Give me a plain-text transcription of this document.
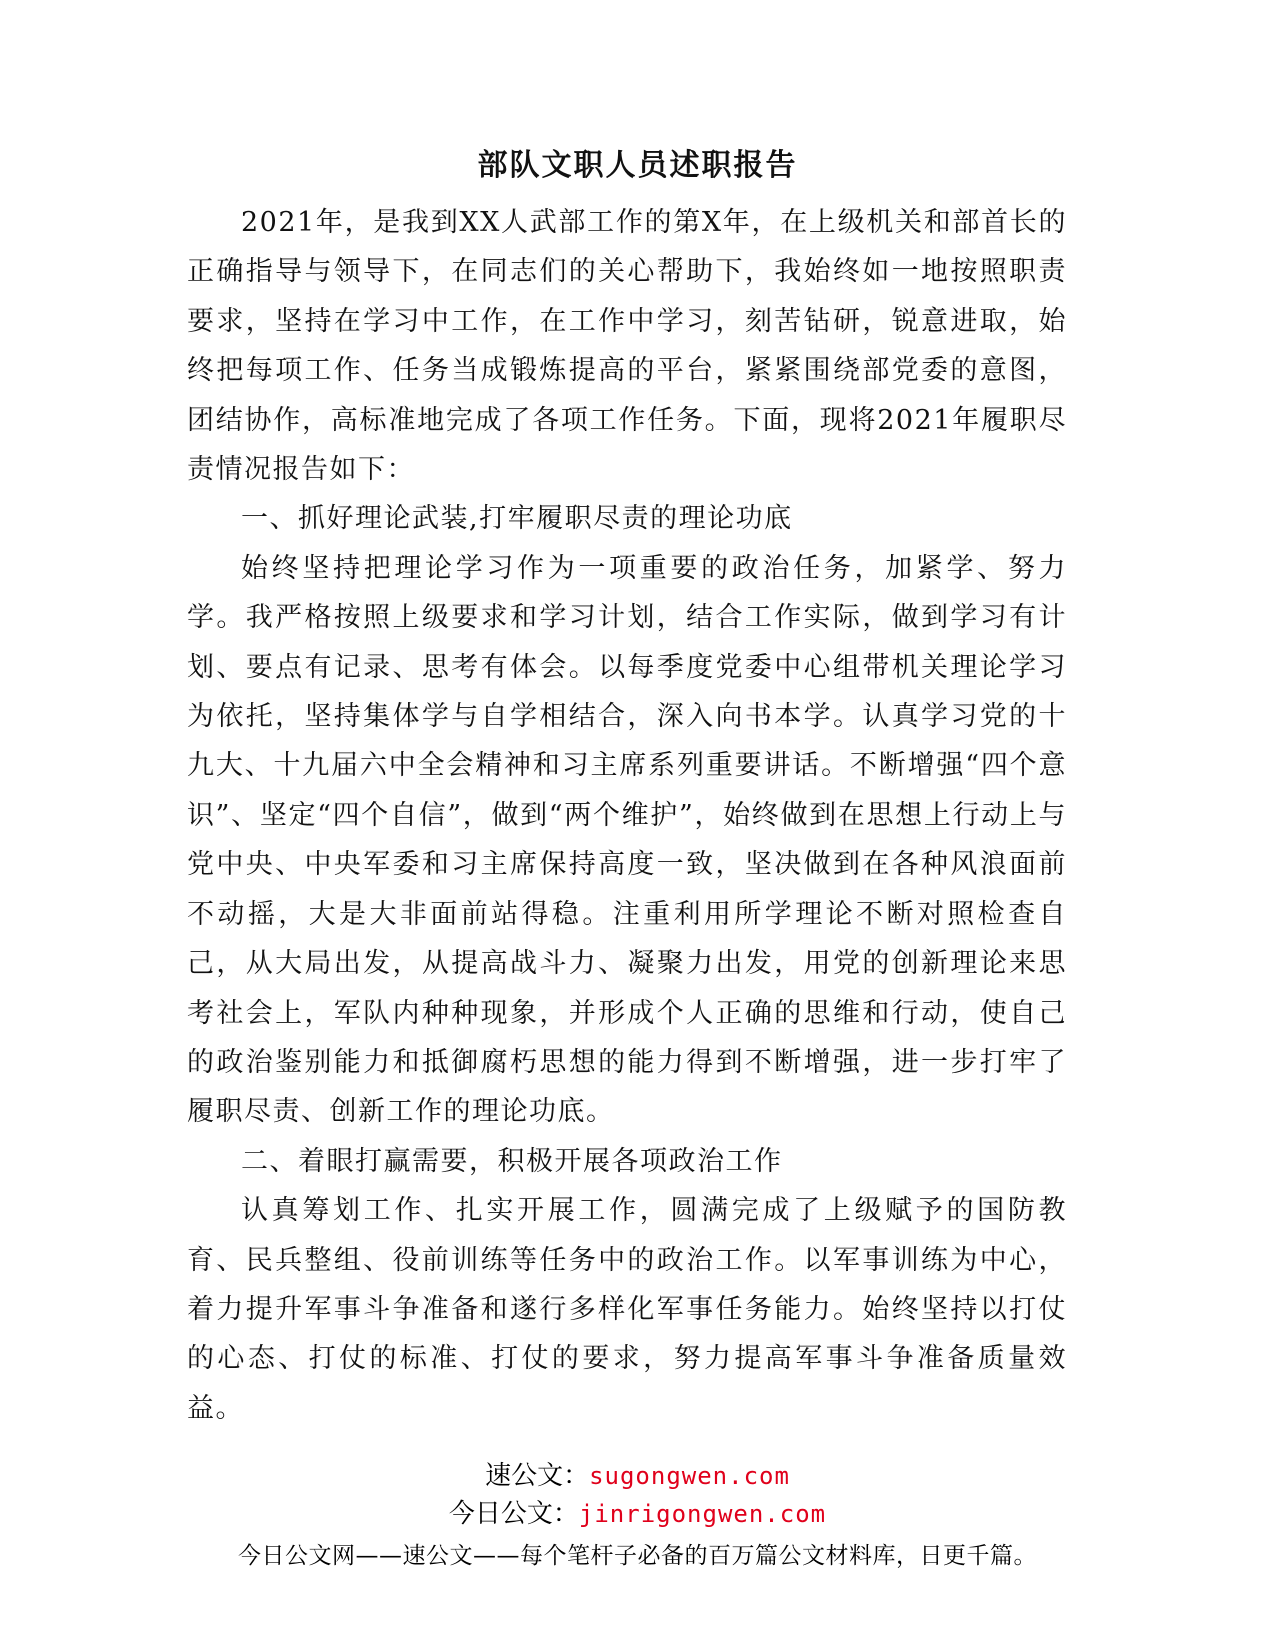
部队文职人员述职报告

2021年，是我到XX人武部工作的第X年，在上级机关和部首长的正确指导与领导下，在同志们的关心帮助下，我始终如一地按照职责要求，坚持在学习中工作，在工作中学习，刻苦钻研，锐意进取，始终把每项工作、任务当成锻炼提高的平台，紧紧围绕部党委的意图，团结协作，高标准地完成了各项工作任务。下面，现将2021年履职尽责情况报告如下：

一、抓好理论武装,打牢履职尽责的理论功底

始终坚持把理论学习作为一项重要的政治任务，加紧学、努力学。我严格按照上级要求和学习计划，结合工作实际，做到学习有计划、要点有记录、思考有体会。以每季度党委中心组带机关理论学习为依托，坚持集体学与自学相结合，深入向书本学。认真学习党的十九大、十九届六中全会精神和习主席系列重要讲话。不断增强“四个意识”、坚定“四个自信”，做到“两个维护”，始终做到在思想上行动上与党中央、中央军委和习主席保持高度一致，坚决做到在各种风浪面前不动摇，大是大非面前站得稳。注重利用所学理论不断对照检查自己，从大局出发，从提高战斗力、凝聚力出发，用党的创新理论来思考社会上，军队内种种现象，并形成个人正确的思维和行动，使自己的政治鉴别能力和抵御腐朽思想的能力得到不断增强，进一步打牢了履职尽责、创新工作的理论功底。

二、着眼打赢需要，积极开展各项政治工作

认真筹划工作、扎实开展工作，圆满完成了上级赋予的国防教育、民兵整组、役前训练等任务中的政治工作。以军事训练为中心，着力提升军事斗争准备和遂行多样化军事任务能力。始终坚持以打仗的心态、打仗的标准、打仗的要求，努力提高军事斗争准备质量效益。

速公文：sugongwen.com
今日公文：jinrigongwen.com
今日公文网——速公文——每个笔杆子必备的百万篇公文材料库，日更千篇。
